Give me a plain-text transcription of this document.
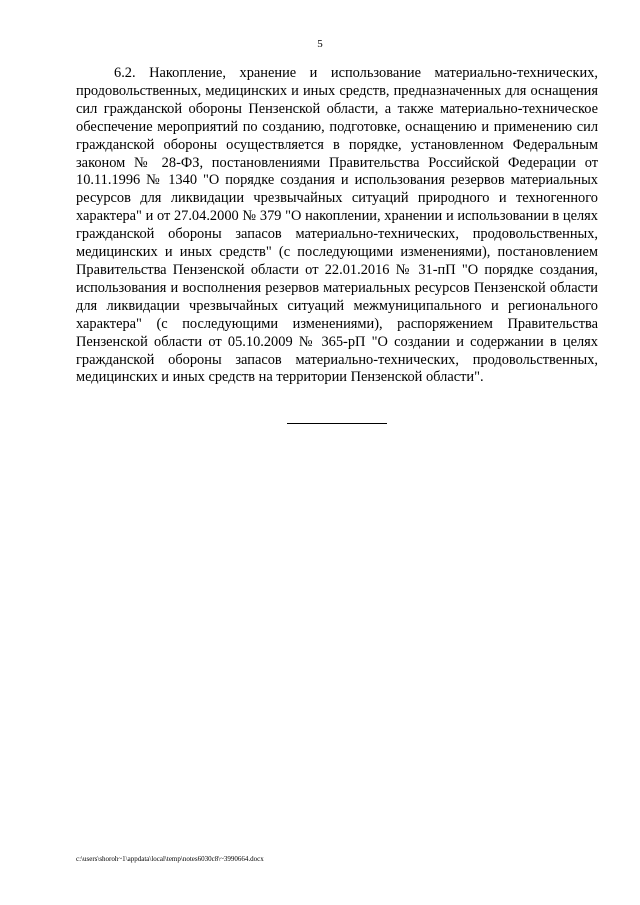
5

6.2. Накопление, хранение и использование материально-технических, продовольственных, медицинских и иных средств, предназначенных для оснащения сил гражданской обороны Пензенской области, а также материально-техническое обеспечение мероприятий по созданию, подготовке, оснащению и применению сил гражданской обороны осуществляется в порядке, установленном Федеральным законом № 28-ФЗ, постановлениями Правительства Российской Федерации от 10.11.1996 № 1340 "О порядке создания и использования резервов материальных ресурсов для ликвидации чрезвычайных ситуаций природного и техногенного характера" и от 27.04.2000 № 379 "О накоплении, хранении и использовании в целях гражданской обороны запасов материально-технических, продовольственных, медицинских и иных средств" (с последующими изменениями), постановлением Правительства Пензенской области от 22.01.2016 № 31-пП "О порядке создания, использования и восполнения резервов материальных ресурсов Пензенской области для ликвидации чрезвычайных ситуаций межмуниципального и регионального характера" (с последующими изменениями), распоряжением Правительства Пензенской области от 05.10.2009 № 365-рП "О создании и содержании в целях гражданской обороны запасов материально-технических, продовольственных, медицинских и иных средств на территории Пензенской области".

c:\users\shoroh~1\appdata\local\temp\notes6030c8\~3990664.docx
